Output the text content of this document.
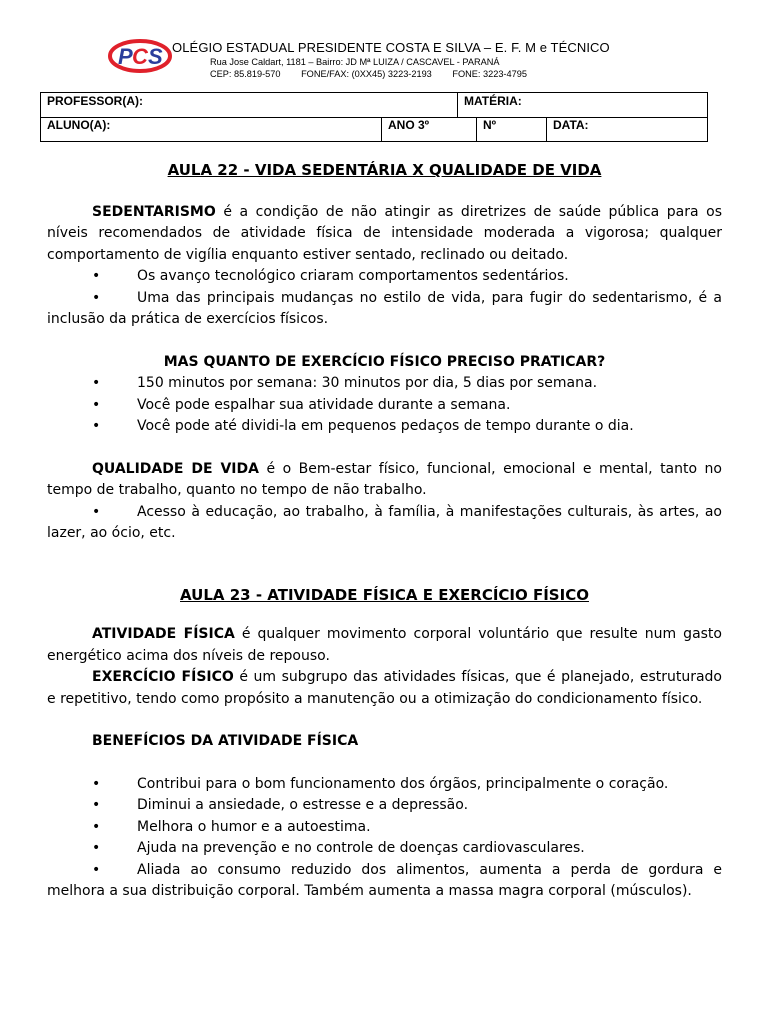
P C S OLÉGIO ESTADUAL PRESIDENTE COSTA E SILVA – E. F. M e TÉCNICO
Rua Jose Caldart, 1181 – Bairro: JD Mª LUIZA / CASCAVEL - PARANÁ
CEP: 85.819-570 FONE/FAX: (0XX45) 3223-2193 FONE: 3223-4795
PROFESSOR(A):	MATÉRIA:
ALUNO(A):	ANO 3º	Nº	DATA:
AULA 22 - VIDA SEDENTÁRIA X QUALIDADE DE VIDA

SEDENTARISMO é a condição de não atingir as diretrizes de saúde pública para os níveis recomendados de atividade física de intensidade moderada a vigorosa; qualquer comportamento de vigília enquanto estiver sentado, reclinado ou deitado.

•	Os avanço tecnológico criaram comportamentos sedentários.
•	Uma das principais mudanças no estilo de vida, para fugir do sedentarismo, é a inclusão da prática de exercícios físicos.

MAS QUANTO DE EXERCÍCIO FÍSICO PRECISO PRATICAR?

•	150 minutos por semana: 30 minutos por dia, 5 dias por semana.
•	Você pode espalhar sua atividade durante a semana.
•	Você pode até dividi-la em pequenos pedaços de tempo durante o dia.

QUALIDADE DE VIDA é o Bem-estar físico, funcional, emocional e mental, tanto no tempo de trabalho, quanto no tempo de não trabalho.

•	Acesso à educação, ao trabalho, à família, à manifestações culturais, às artes, ao lazer, ao ócio, etc.
AULA 23 - ATIVIDADE FÍSICA E EXERCÍCIO FÍSICO

ATIVIDADE FÍSICA é qualquer movimento corporal voluntário que resulte num gasto energético acima dos níveis de repouso.

EXERCÍCIO FÍSICO é um subgrupo das atividades físicas, que é planejado, estruturado e repetitivo, tendo como propósito a manutenção ou a otimização do condicionamento físico.

BENEFÍCIOS DA ATIVIDADE FÍSICA

•	Contribui para o bom funcionamento dos órgãos, principalmente o coração.
•	Diminui a ansiedade, o estresse e a depressão.
•	Melhora o humor e a autoestima.
•	Ajuda na prevenção e no controle de doenças cardiovasculares.
•	Aliada ao consumo reduzido dos alimentos, aumenta a perda de gordura e melhora a sua distribuição corporal. Também aumenta a massa magra corporal (músculos).
